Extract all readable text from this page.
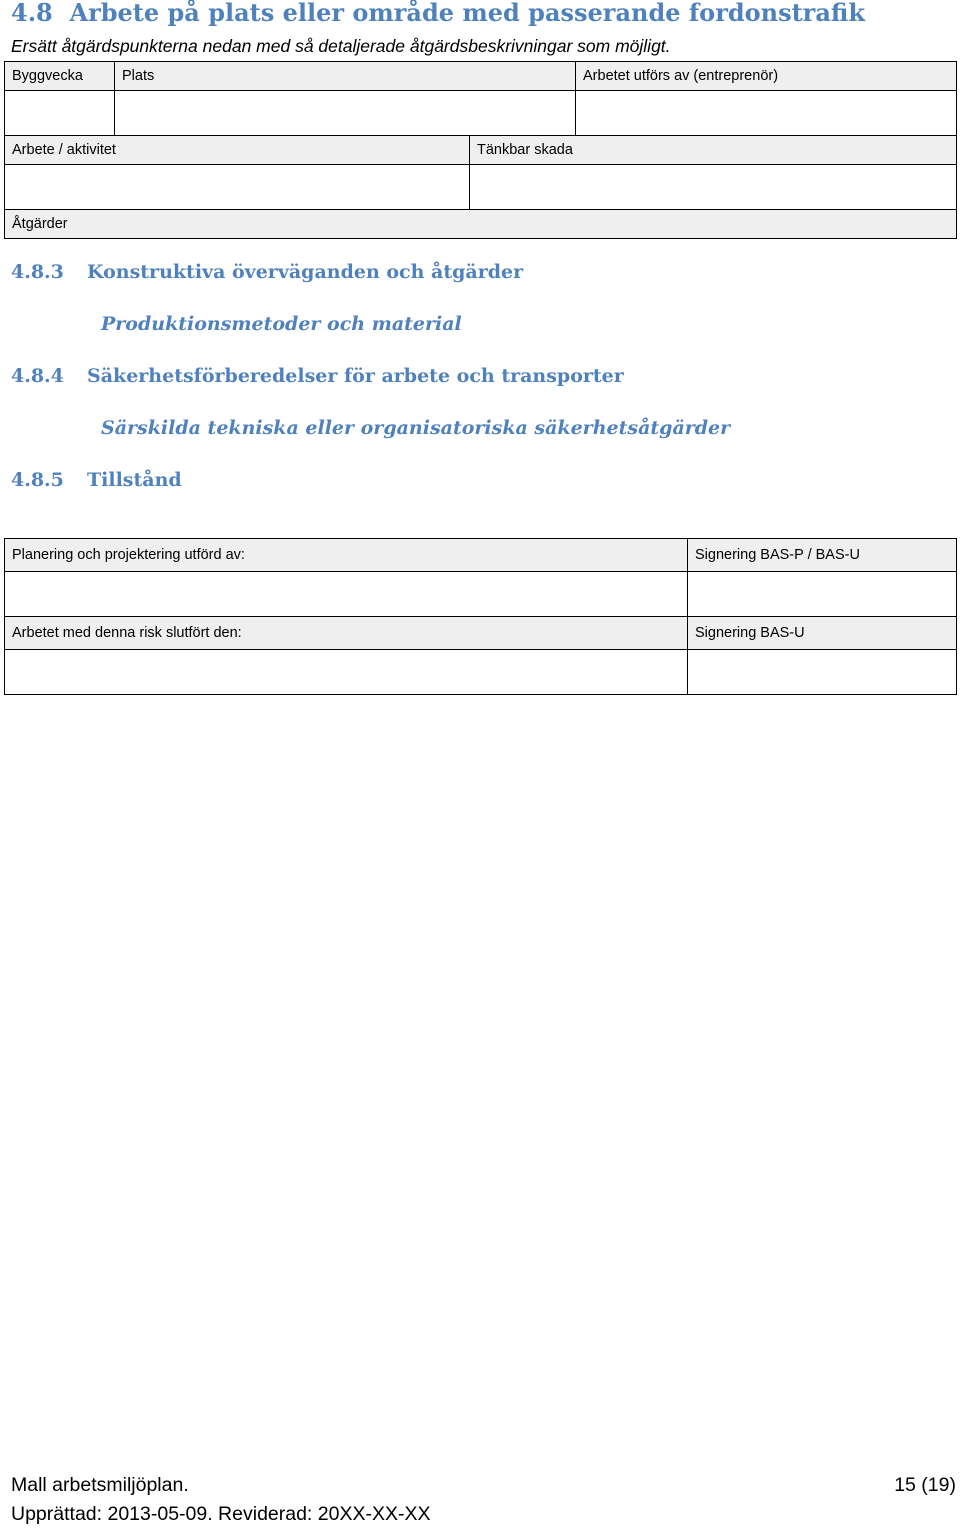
4.8 Arbete på plats eller område med passerande fordonstrafik
Ersätt åtgärdspunkterna nedan med så detaljerade åtgärdsbeskrivningar som möjligt.
Byggvecka	Plats	Arbetet utförs av (entreprenör)
Arbete / aktivitet	Tänkbar skada
Åtgärder
4.8.3 Konstruktiva överväganden och åtgärder
Produktionsmetoder och material
4.8.4 Säkerhetsförberedelser för arbete och transporter
Särskilda tekniska eller organisatoriska säkerhetsåtgärder
4.8.5 Tillstånd
Planering och projektering utförd av:	Signering BAS-P / BAS-U
Arbetet med denna risk slutfört den:	Signering BAS-U
Mall arbetsmiljöplan.	15 (19)
Upprättad: 2013-05-09. Reviderad: 20XX-XX-XX
